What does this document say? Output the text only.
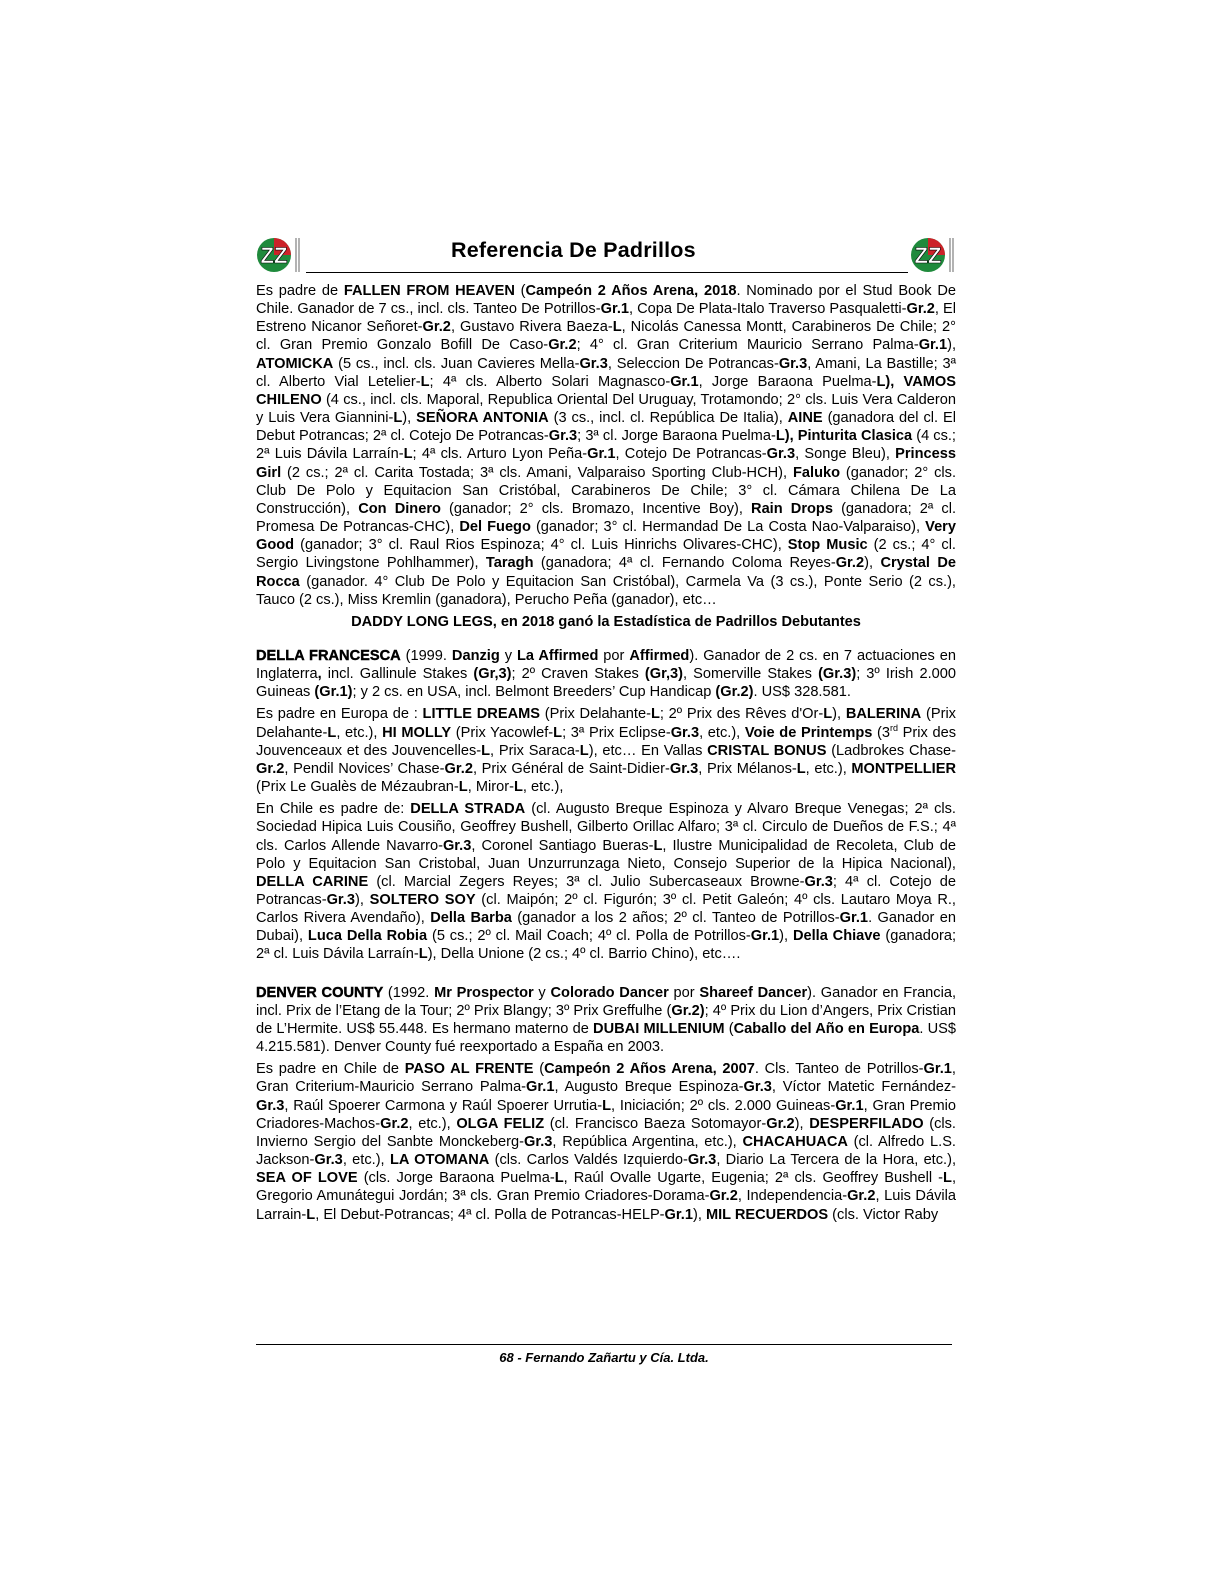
ZZ	Referencia De Padrillos	ZZ

Es padre de FALLEN FROM HEAVEN (Campeón 2 Años Arena, 2018. Nominado por el Stud Book De Chile. Ganador de 7 cs., incl. cls. Tanteo De Potrillos-Gr.1, Copa De Plata-Italo Traverso Pasqualetti-Gr.2, El Estreno Nicanor Señoret-Gr.2, Gustavo Rivera Baeza-L, Nicolás Canessa Montt, Carabineros De Chile; 2° cl. Gran Premio Gonzalo Bofill De Caso-Gr.2; 4° cl. Gran Criterium Mauricio Serrano Palma-Gr.1), ATOMICKA (5 cs., incl. cls. Juan Cavieres Mella-Gr.3, Seleccion De Potrancas-Gr.3, Amani, La Bastille; 3ª cl. Alberto Vial Letelier-L; 4ª cls. Alberto Solari Magnasco-Gr.1, Jorge Baraona Puelma-L), VAMOS CHILENO (4 cs., incl. cls. Maporal, Republica Oriental Del Uruguay, Trotamondo; 2° cls. Luis Vera Calderon y Luis Vera Giannini-L), SEÑORA ANTONIA (3 cs., incl. cl. República De Italia), AINE (ganadora del cl. El Debut Potrancas; 2ª cl. Cotejo De Potrancas-Gr.3; 3ª cl. Jorge Baraona Puelma-L), Pinturita Clasica (4 cs.; 2ª Luis Dávila Larraín-L; 4ª cls. Arturo Lyon Peña-Gr.1, Cotejo De Potrancas-Gr.3, Songe Bleu), Princess Girl (2 cs.; 2ª cl. Carita Tostada; 3ª cls. Amani, Valparaiso Sporting Club-HCH), Faluko (ganador; 2° cls. Club De Polo y Equitacion San Cristóbal, Carabineros De Chile; 3° cl. Cámara Chilena De La Construcción), Con Dinero (ganador; 2° cls. Bromazo, Incentive Boy), Rain Drops (ganadora; 2ª cl. Promesa De Potrancas-CHC), Del Fuego (ganador; 3° cl. Hermandad De La Costa Nao-Valparaiso), Very Good (ganador; 3° cl. Raul Rios Espinoza; 4° cl. Luis Hinrichs Olivares-CHC), Stop Music (2 cs.; 4° cl. Sergio Livingstone Pohlhammer), Taragh (ganadora; 4ª cl. Fernando Coloma Reyes-Gr.2), Crystal De Rocca (ganador. 4° Club De Polo y Equitacion San Cristóbal), Carmela Va (3 cs.), Ponte Serio (2 cs.), Tauco (2 cs.), Miss Kremlin (ganadora), Perucho Peña (ganador), etc…

DADDY LONG LEGS, en 2018 ganó la Estadística de Padrillos Debutantes

DELLA FRANCESCA (1999. Danzig y La Affirmed por Affirmed). Ganador de 2 cs. en 7 actuaciones en Inglaterra, incl. Gallinule Stakes (Gr,3); 2º Craven Stakes (Gr,3), Somerville Stakes (Gr.3); 3º Irish 2.000 Guineas (Gr.1); y 2 cs. en USA, incl. Belmont Breeders’ Cup Handicap (Gr.2). US$ 328.581.

Es padre en Europa de : LITTLE DREAMS (Prix Delahante-L; 2º Prix des Rêves d'Or-L), BALERINA (Prix Delahante-L, etc.), HI MOLLY (Prix Yacowlef-L; 3ª Prix Eclipse-Gr.3, etc.), Voie de Printemps (3rd Prix des Jouvenceaux et des Jouvencelles-L, Prix Saraca-L), etc… En Vallas CRISTAL BONUS (Ladbrokes Chase-Gr.2, Pendil Novices’ Chase-Gr.2, Prix Général de Saint-Didier-Gr.3, Prix Mélanos-L, etc.), MONTPELLIER (Prix Le Gualès de Mézaubran-L, Miror-L, etc.),

En Chile es padre de: DELLA STRADA (cl. Augusto Breque Espinoza y Alvaro Breque Venegas; 2ª cls. Sociedad Hipica Luis Cousiño, Geoffrey Bushell, Gilberto Orillac Alfaro; 3ª cl. Circulo de Dueños de F.S.; 4ª cls. Carlos Allende Navarro-Gr.3, Coronel Santiago Bueras-L, Ilustre Municipalidad de Recoleta, Club de Polo y Equitacion San Cristobal, Juan Unzurrunzaga Nieto, Consejo Superior de la Hipica Nacional), DELLA CARINE (cl. Marcial Zegers Reyes; 3ª cl. Julio Subercaseaux Browne-Gr.3; 4ª cl. Cotejo de Potrancas-Gr.3), SOLTERO SOY (cl. Maipón; 2º cl. Figurón; 3º cl. Petit Galeón; 4º cls. Lautaro Moya R., Carlos Rivera Avendaño), Della Barba (ganador a los 2 años; 2º cl. Tanteo de Potrillos-Gr.1. Ganador en Dubai), Luca Della Robia (5 cs.; 2º cl. Mail Coach; 4º cl. Polla de Potrillos-Gr.1), Della Chiave (ganadora; 2ª cl. Luis Dávila Larraín-L), Della Unione (2 cs.; 4º cl. Barrio Chino), etc….

DENVER COUNTY (1992. Mr Prospector y Colorado Dancer por Shareef Dancer). Ganador en Francia, incl. Prix de l’Etang de la Tour; 2º Prix Blangy; 3º Prix Greffulhe (Gr.2); 4º Prix du Lion d’Angers, Prix Cristian de L’Hermite. US$ 55.448. Es hermano materno de DUBAI MILLENIUM (Caballo del Año en Europa. US$ 4.215.581). Denver County fué reexportado a España en 2003.

Es padre en Chile de PASO AL FRENTE (Campeón 2 Años Arena, 2007. Cls. Tanteo de Potrillos-Gr.1, Gran Criterium-Mauricio Serrano Palma-Gr.1, Augusto Breque Espinoza-Gr.3, Víctor Matetic Fernández-Gr.3, Raúl Spoerer Carmona y Raúl Spoerer Urrutia-L, Iniciación; 2º cls. 2.000 Guineas-Gr.1, Gran Premio Criadores-Machos-Gr.2, etc.), OLGA FELIZ (cl. Francisco Baeza Sotomayor-Gr.2), DESPERFILADO (cls. Invierno Sergio del Sanbte Monckeberg-Gr.3, República Argentina, etc.), CHACAHUACA (cl. Alfredo L.S. Jackson-Gr.3, etc.), LA OTOMANA (cls. Carlos Valdés Izquierdo-Gr.3, Diario La Tercera de la Hora, etc.), SEA OF LOVE (cls. Jorge Baraona Puelma-L, Raúl Ovalle Ugarte, Eugenia; 2ª cls. Geoffrey Bushell -L, Gregorio Amunátegui Jordán; 3ª cls. Gran Premio Criadores-Dorama-Gr.2, Independencia-Gr.2, Luis Dávila Larrain-L, El Debut-Potrancas; 4ª cl. Polla de Potrancas-HELP-Gr.1), MIL RECUERDOS (cls. Victor Raby

68 - Fernando Zañartu y Cía. Ltda.
